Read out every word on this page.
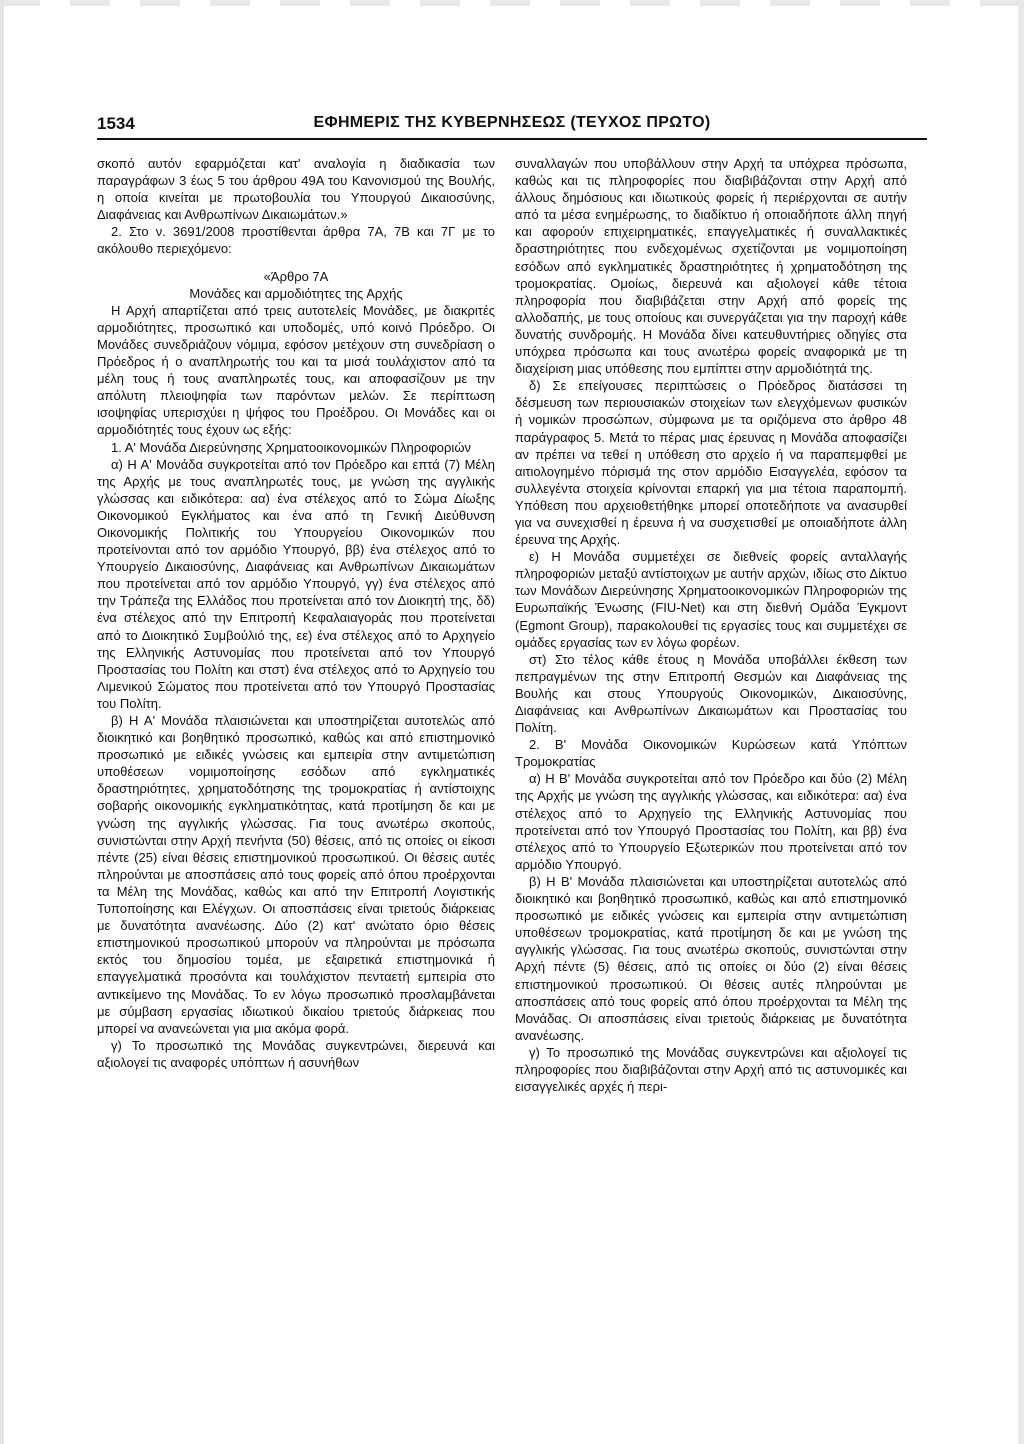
1534	ΕΦΗΜΕΡΙΣ ΤΗΣ ΚΥΒΕΡΝΗΣΕΩΣ (ΤΕΥΧΟΣ ΠΡΩΤΟ)

σκοπό αυτόν εφαρμόζεται κατ' αναλογία η διαδικασία των παραγράφων 3 έως 5 του άρθρου 49Α του Κανονισμού της Βουλής, η οποία κινείται με πρωτοβουλία του Υπουργού Δικαιοσύνης, Διαφάνειας και Ανθρωπίνων Δικαιωμάτων.»

2. Στο ν. 3691/2008 προστίθενται άρθρα 7Α, 7Β και 7Γ με το ακόλουθο περιεχόμενο:

«Άρθρο 7Α

Μονάδες και αρμοδιότητες της Αρχής

Η Αρχή απαρτίζεται από τρεις αυτοτελείς Μονάδες, με διακριτές αρμοδιότητες, προσωπικό και υποδομές, υπό κοινό Πρόεδρο. Οι Μονάδες συνεδριάζουν νόμιμα, εφόσον μετέχουν στη συνεδρίαση ο Πρόεδρος ή ο αναπληρωτής του και τα μισά τουλάχιστον από τα μέλη τους ή τους αναπληρωτές τους, και αποφασίζουν με την απόλυτη πλειοψηφία των παρόντων μελών. Σε περίπτωση ισοψηφίας υπερισχύει η ψήφος του Προέδρου. Οι Μονάδες και οι αρμοδιότητές τους έχουν ως εξής:

1. Α' Μονάδα Διερεύνησης Χρηματοοικονομικών Πληροφοριών

α) Η Α' Μονάδα συγκροτείται από τον Πρόεδρο και επτά (7) Μέλη της Αρχής με τους αναπληρωτές τους, με γνώση της αγγλικής γλώσσας και ειδικότερα: αα) ένα στέλεχος από το Σώμα Δίωξης Οικονομικού Εγκλήματος και ένα από τη Γενική Διεύθυνση Οικονομικής Πολιτικής του Υπουργείου Οικονομικών που προτείνονται από τον αρμόδιο Υπουργό, ββ) ένα στέλεχος από το Υπουργείο Δικαιοσύνης, Διαφάνειας και Ανθρωπίνων Δικαιωμάτων που προτείνεται από τον αρμόδιο Υπουργό, γγ) ένα στέλεχος από την Τράπεζα της Ελλάδος που προτείνεται από τον Διοικητή της, δδ) ένα στέλεχος από την Επιτροπή Κεφαλαιαγοράς που προτείνεται από το Διοικητικό Συμβούλιό της, εε) ένα στέλεχος από το Αρχηγείο της Ελληνικής Αστυνομίας που προτείνεται από τον Υπουργό Προστασίας του Πολίτη και στστ) ένα στέλεχος από το Αρχηγείο του Λιμενικού Σώματος που προτείνεται από τον Υπουργό Προστασίας του Πολίτη.

β) Η Α' Μονάδα πλαισιώνεται και υποστηρίζεται αυτοτελώς από διοικητικό και βοηθητικό προσωπικό, καθώς και από επιστημονικό προσωπικό με ειδικές γνώσεις και εμπειρία στην αντιμετώπιση υποθέσεων νομιμοποίησης εσόδων από εγκληματικές δραστηριότητες, χρηματοδότησης της τρομοκρατίας ή αντίστοιχης σοβαρής οικονομικής εγκληματικότητας, κατά προτίμηση δε και με γνώση της αγγλικής γλώσσας. Για τους ανωτέρω σκοπούς, συνιστώνται στην Αρχή πενήντα (50) θέσεις, από τις οποίες οι είκοσι πέντε (25) είναι θέσεις επιστημονικού προσωπικού. Οι θέσεις αυτές πληρούνται με αποσπάσεις από τους φορείς από όπου προέρχονται τα Μέλη της Μονάδας, καθώς και από την Επιτροπή Λογιστικής Τυποποίησης και Ελέγχων. Οι αποσπάσεις είναι τριετούς διάρκειας με δυνατότητα ανανέωσης. Δύο (2) κατ' ανώτατο όριο θέσεις επιστημονικού προσωπικού μπορούν να πληρούνται με πρόσωπα εκτός του δημοσίου τομέα, με εξαιρετικά επιστημονικά ή επαγγελματικά προσόντα και τουλάχιστον πενταετή εμπειρία στο αντικείμενο της Μονάδας. Το εν λόγω προσωπικό προσλαμβάνεται με σύμβαση εργασίας ιδιωτικού δικαίου τριετούς διάρκειας που μπορεί να ανανεώνεται για μια ακόμα φορά.

γ) Το προσωπικό της Μονάδας συγκεντρώνει, διερευνά και αξιολογεί τις αναφορές υπόπτων ή ασυνήθων

συναλλαγών που υποβάλλουν στην Αρχή τα υπόχρεα πρόσωπα, καθώς και τις πληροφορίες που διαβιβάζονται στην Αρχή από άλλους δημόσιους και ιδιωτικούς φορείς ή περιέρχονται σε αυτήν από τα μέσα ενημέρωσης, το διαδίκτυο ή οποιαδήποτε άλλη πηγή και αφορούν επιχειρηματικές, επαγγελματικές ή συναλλακτικές δραστηριότητες που ενδεχομένως σχετίζονται με νομιμοποίηση εσόδων από εγκληματικές δραστηριότητες ή χρηματοδότηση της τρομοκρατίας. Ομοίως, διερευνά και αξιολογεί κάθε τέτοια πληροφορία που διαβιβάζεται στην Αρχή από φορείς της αλλοδαπής, με τους οποίους και συνεργάζεται για την παροχή κάθε δυνατής συνδρομής. Η Μονάδα δίνει κατευθυντήριες οδηγίες στα υπόχρεα πρόσωπα και τους ανωτέρω φορείς αναφορικά με τη διαχείριση μιας υπόθεσης που εμπίπτει στην αρμοδιότητά της.

δ) Σε επείγουσες περιπτώσεις ο Πρόεδρος διατάσσει τη δέσμευση των περιουσιακών στοιχείων των ελεγχόμενων φυσικών ή νομικών προσώπων, σύμφωνα με τα οριζόμενα στο άρθρο 48 παράγραφος 5. Μετά το πέρας μιας έρευνας η Μονάδα αποφασίζει αν πρέπει να τεθεί η υπόθεση στο αρχείο ή να παραπεμφθεί με αιτιολογημένο πόρισμά της στον αρμόδιο Εισαγγελέα, εφόσον τα συλλεγέντα στοιχεία κρίνονται επαρκή για μια τέτοια παραπομπή. Υπόθεση που αρχειοθετήθηκε μπορεί οποτεδήποτε να ανασυρθεί για να συνεχισθεί η έρευνα ή να συσχετισθεί με οποιαδήποτε άλλη έρευνα της Αρχής.

ε) Η Μονάδα συμμετέχει σε διεθνείς φορείς ανταλλαγής πληροφοριών μεταξύ αντίστοιχων με αυτήν αρχών, ιδίως στο Δίκτυο των Μονάδων Διερεύνησης Χρηματοοικονομικών Πληροφοριών της Ευρωπαϊκής Ένωσης (FIU-Net) και στη διεθνή Ομάδα Έγκμοντ (Egmont Group), παρακολουθεί τις εργασίες τους και συμμετέχει σε ομάδες εργασίας των εν λόγω φορέων.

στ) Στο τέλος κάθε έτους η Μονάδα υποβάλλει έκθεση των πεπραγμένων της στην Επιτροπή Θεσμών και Διαφάνειας της Βουλής και στους Υπουργούς Οικονομικών, Δικαιοσύνης, Διαφάνειας και Ανθρωπίνων Δικαιωμάτων και Προστασίας του Πολίτη.

2. Β' Μονάδα Οικονομικών Κυρώσεων κατά Υπόπτων Τρομοκρατίας

α) Η Β' Μονάδα συγκροτείται από τον Πρόεδρο και δύο (2) Μέλη της Αρχής με γνώση της αγγλικής γλώσσας, και ειδικότερα: αα) ένα στέλεχος από το Αρχηγείο της Ελληνικής Αστυνομίας που προτείνεται από τον Υπουργό Προστασίας του Πολίτη, και ββ) ένα στέλεχος από το Υπουργείο Εξωτερικών που προτείνεται από τον αρμόδιο Υπουργό.

β) Η Β' Μονάδα πλαισιώνεται και υποστηρίζεται αυτοτελώς από διοικητικό και βοηθητικό προσωπικό, καθώς και από επιστημονικό προσωπικό με ειδικές γνώσεις και εμπειρία στην αντιμετώπιση υποθέσεων τρομοκρατίας, κατά προτίμηση δε και με γνώση της αγγλικής γλώσσας. Για τους ανωτέρω σκοπούς, συνιστώνται στην Αρχή πέντε (5) θέσεις, από τις οποίες οι δύο (2) είναι θέσεις επιστημονικού προσωπικού. Οι θέσεις αυτές πληρούνται με αποσπάσεις από τους φορείς από όπου προέρχονται τα Μέλη της Μονάδας. Οι αποσπάσεις είναι τριετούς διάρκειας με δυνατότητα ανανέωσης.

γ) Το προσωπικό της Μονάδας συγκεντρώνει και αξιολογεί τις πληροφορίες που διαβιβάζονται στην Αρχή από τις αστυνομικές και εισαγγελικές αρχές ή περι-
